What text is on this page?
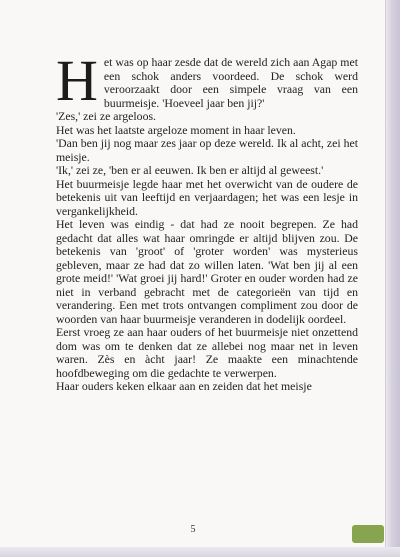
Het was op haar zesde dat de wereld zich aan Agap met een schok anders voordeed. De schok werd veroorzaakt door een simpele vraag van een buurmeisje. 'Hoeveel jaar ben jij?'

'Zes,' zei ze argeloos.

Het was het laatste argeloze moment in haar leven.

'Dan ben jij nog maar zes jaar op deze wereld. Ik al acht, zei het meisje.

'Ik,' zei ze, 'ben er al eeuwen. Ik ben er altijd al geweest.'

Het buurmeisje legde haar met het overwicht van de oudere de betekenis uit van leeftijd en verjaardagen; het was een lesje in vergankelijkheid.

Het leven was eindig - dat had ze nooit begrepen. Ze had gedacht dat alles wat haar omringde er altijd blijven zou. De betekenis van 'groot' of 'groter worden' was mysterieus gebleven, maar ze had dat zo willen laten. 'Wat ben jij al een grote meid!' 'Wat groei jij hard!' Groter en ouder worden had ze niet in verband gebracht met de categorieën van tijd en verandering. Een met trots ontvangen compliment zou door de woorden van haar buurmeisje veranderen in dodelijk oordeel.

Eerst vroeg ze aan haar ouders of het buurmeisje niet onzettend dom was om te denken dat ze allebei nog maar net in leven waren. Zès en àcht jaar! Ze maakte een minachtende hoofdbeweging om die gedachte te verwerpen.

Haar ouders keken elkaar aan en zeiden dat het meisje

5
